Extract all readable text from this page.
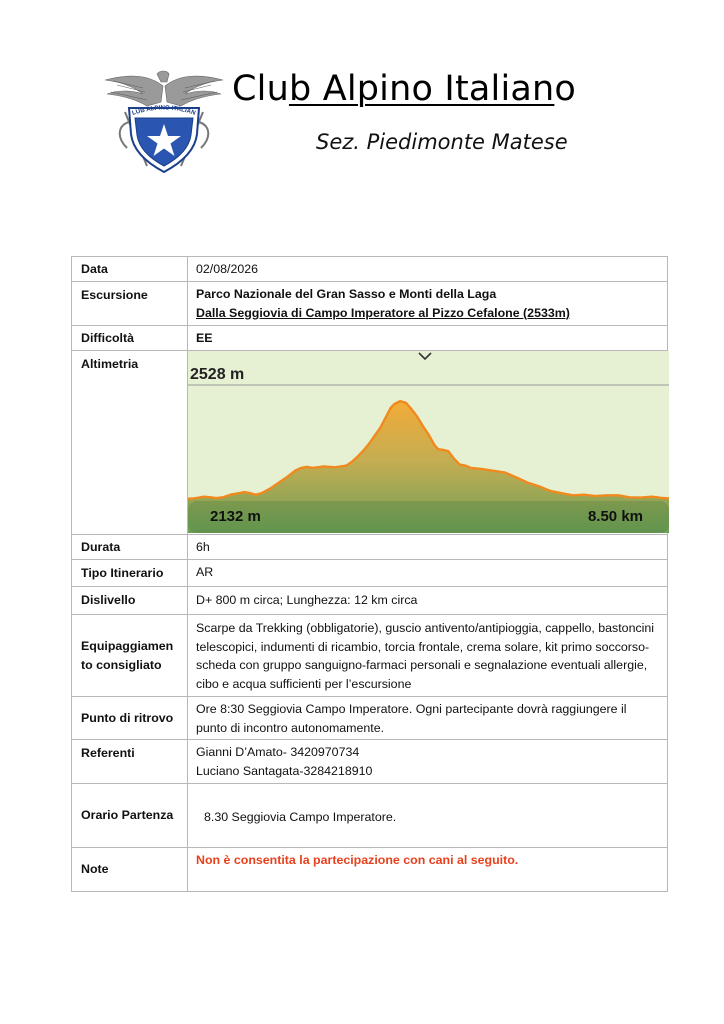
LUB ALPINO ITALIAN
Club Alpino Italiano
Sez. Piedimonte Matese
Data	02/08/2026
Escursione	Parco Nazionale del Gran Sasso e Monti della Laga
Dalla Seggiovia di Campo Imperatore al Pizzo Cefalone (2533m)

Difficoltà	EE
Altimetria	2528 m
2132 m 8.50 km

Durata	6h
Tipo Itinerario	AR
Dislivello	D+ 800 m circa; Lunghezza: 12 km circa

Equipaggiamen
to consigliato	Scarpe da Trekking (obbligatorie), guscio antivento/antipioggia, cappello, bastoncini telescopici, indumenti di ricambio, torcia frontale, crema solare, kit primo soccorso-scheda con gruppo sanguigno-farmaci personali e segnalazione eventuali allergie, cibo e acqua sufficienti per l’escursione
Punto di ritrovo	Ore 8:30 Seggiovia Campo Imperatore. Ogni partecipante dovrà raggiungere il punto di incontro autonomamente.
Referenti	Gianni D’Amato- 3420970734
Luciano Santagata-3284218910

Orario Partenza	8.30 Seggiovia Campo Imperatore.
Note	Non è consentita la partecipazione con cani al seguito.
